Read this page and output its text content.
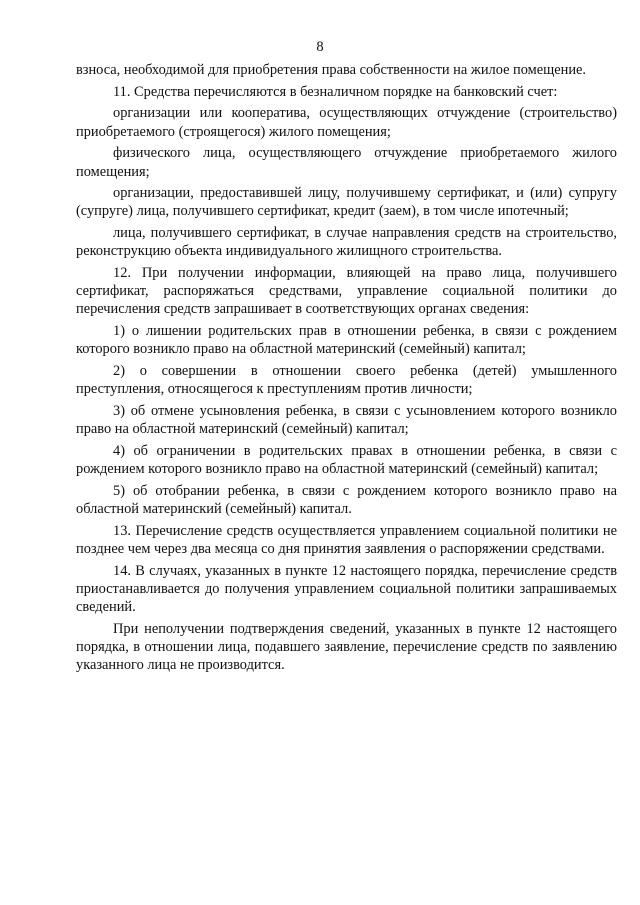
8

взноса, необходимой для приобретения права собственности на жилое помещение.

11. Средства перечисляются в безналичном порядке на банковский счет:

организации или кооператива, осуществляющих отчуждение (строительство) приобретаемого (строящегося) жилого помещения;

физического лица, осуществляющего отчуждение приобретаемого жилого помещения;

организации, предоставившей лицу, получившему сертификат, и (или) супругу (супруге) лица, получившего сертификат, кредит (заем), в том числе ипотечный;

лица, получившего сертификат, в случае направления средств на строительство, реконструкцию объекта индивидуального жилищного строительства.

12. При получении информации, влияющей на право лица, получившего сертификат, распоряжаться средствами, управление социальной политики до перечисления средств запрашивает в соответствующих органах сведения:

1) о лишении родительских прав в отношении ребенка, в связи с рождением которого возникло право на областной материнский (семейный) капитал;

2) о совершении в отношении своего ребенка (детей) умышленного преступления, относящегося к преступлениям против личности;

3) об отмене усыновления ребенка, в связи с усыновлением которого возникло право на областной материнский (семейный) капитал;

4) об ограничении в родительских правах в отношении ребенка, в связи с рождением которого возникло право на областной материнский (семейный) капитал;

5) об отобрании ребенка, в связи с рождением которого возникло право на областной материнский (семейный) капитал.

13. Перечисление средств осуществляется управлением социальной политики не позднее чем через два месяца со дня принятия заявления о распоряжении средствами.

14. В случаях, указанных в пункте 12 настоящего порядка, перечисление средств приостанавливается до получения управлением социальной политики запрашиваемых сведений.

При неполучении подтверждения сведений, указанных в пункте 12 настоящего порядка, в отношении лица, подавшего заявление, перечисление средств по заявлению указанного лица не производится.
